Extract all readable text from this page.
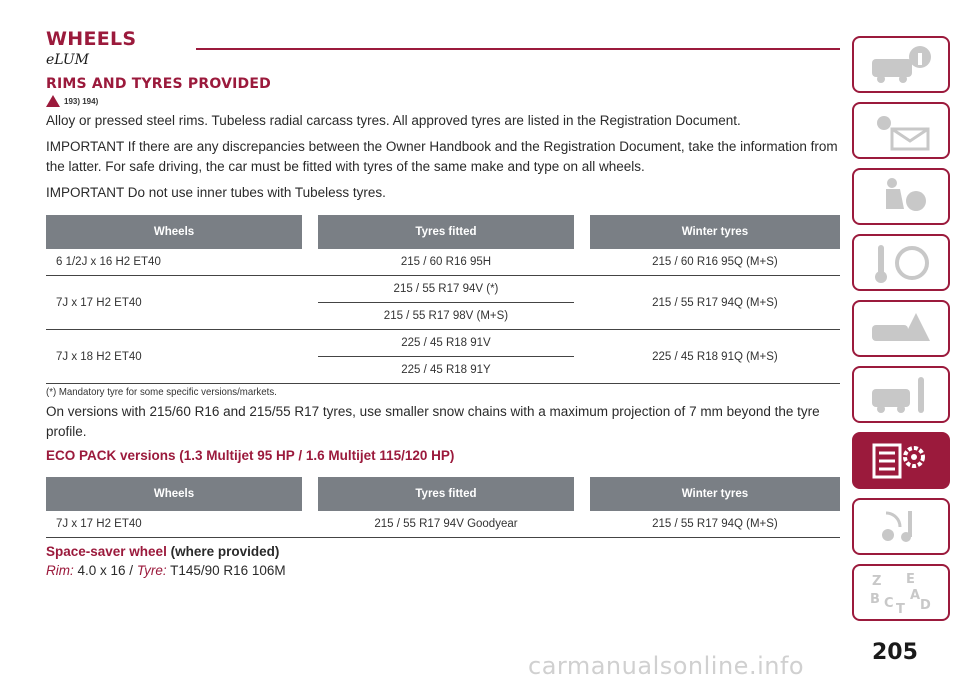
WHEELS
eLUM
RIMS AND TYRES PROVIDED
193) 194)

Alloy or pressed steel rims. Tubeless radial carcass tyres. All approved tyres are listed in the Registration Document.

IMPORTANT If there are any discrepancies between the Owner Handbook and the Registration Document, take the information from the latter. For safe driving, the car must be fitted with tyres of the same make and type on all wheels.

IMPORTANT Do not use inner tubes with Tubeless tyres.

Wheels		Tyres fitted		Winter tyres
6 1/2J x 16 H2 ET40	215 / 60 R16 95H			215 / 60 R16 95Q (M+S)
7J x 17 H2 ET40		215 / 55 R17 94V (*)		215 / 55 R17 94Q (M+S)
		215 / 55 R17 98V (M+S)		
7J x 18 H2 ET40		225 / 45 R18 91V		225 / 45 R18 91Q (M+S)
		225 / 45 R18 91Y		
(*) Mandatory tyre for some specific versions/markets.

On versions with 215/60 R16 and 215/55 R17 tyres, use smaller snow chains with a maximum projection of 7 mm beyond the tyre profile.

ECO PACK versions (1.3 Multijet 95 HP / 1.6 Multijet 115/120 HP)
Wheels		Tyres fitted		Winter tyres
7J x 17 H2 ET40	215 / 55 R17 94V Goodyear			215 / 55 R17 94Q (M+S)
Space-saver wheel (where provided)

Rim: 4.0 x 16 / Tyre: T145/90 R16 106M

Z E
B A
C D
T
205
carmanualsonline.info
